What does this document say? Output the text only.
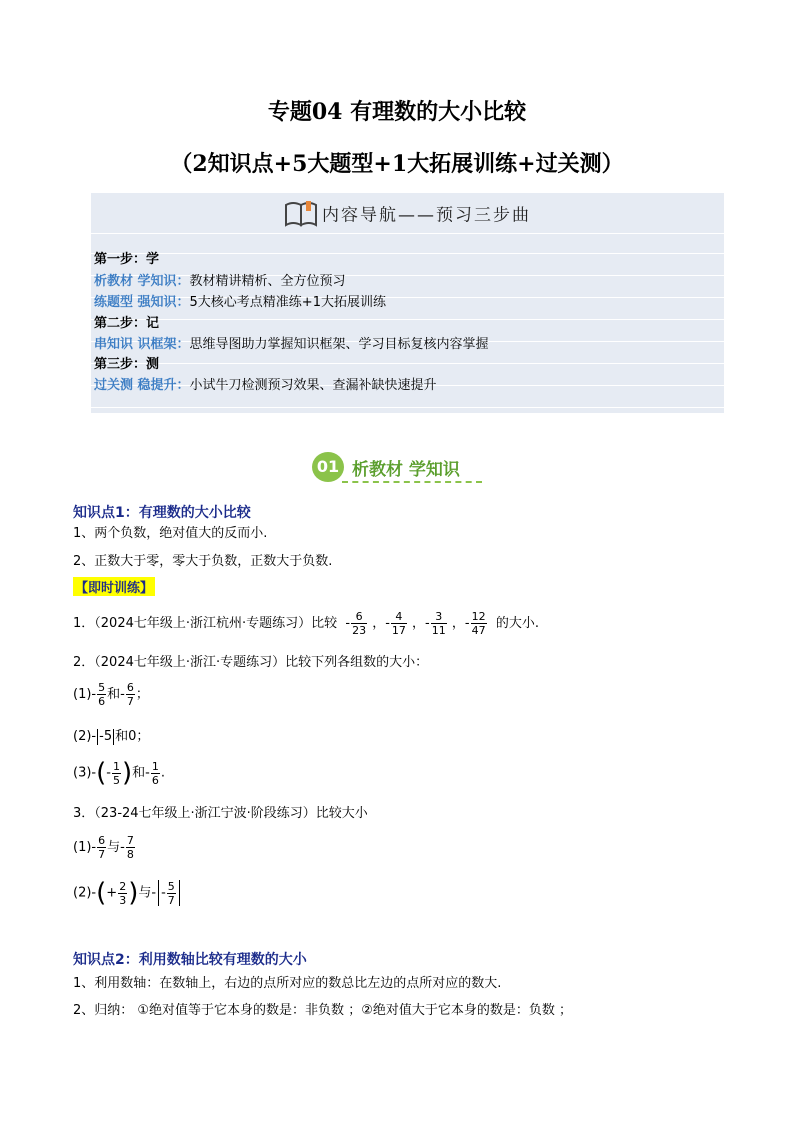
专题04 有理数的大小比较
（2知识点+5大题型+1大拓展训练+过关测）
内容导航——预习三步曲
第一步：学
析教材 学知识：教材精讲精析、全方位预习
练题型 强知识：5大核心考点精准练+1大拓展训练
第二步：记
串知识 识框架：思维导图助力掌握知识框架、学习目标复核内容掌握
第三步：测
过关测 稳提升：小试牛刀检测预习效果、查漏补缺快速提升
01 析教材 学知识
知识点1：有理数的大小比较
1、两个负数，绝对值大的反而小.
2、正数大于零，零大于负数，正数大于负数.
【即时训练】
1．（2024七年级上·浙江杭州·专题练习）比较  - $\frac{6}{23}$ ，- $\frac{4}{17}$ ，- $\frac{3}{11}$ ，- $\frac{12}{47}$ 的大小.
2．（2024七年级上·浙江·专题练习）比较下列各组数的大小：
$(1)- \frac{5}{6}$ 和- $\frac{6}{7}$ ；
(2)- -5 和0；
$(3)-(- \frac{1}{5}$ )和- $\frac{1}{6}$ .
3．（23-24七年级上·浙江宁波·阶段练习）比较大小
$(1)- \frac{6}{7}$ 与- $\frac{7}{8}$
$(2)-(+ \frac{2}{3}$ )与- - $\frac{5}{7}$
知识点2：利用数轴比较有理数的大小
1、利用数轴：在数轴上，右边的点所对应的数总比左边的点所对应的数大.
2、归纳： ①绝对值等于它本身的数是：非负数 ；②绝对值大于它本身的数是：负数 ；
